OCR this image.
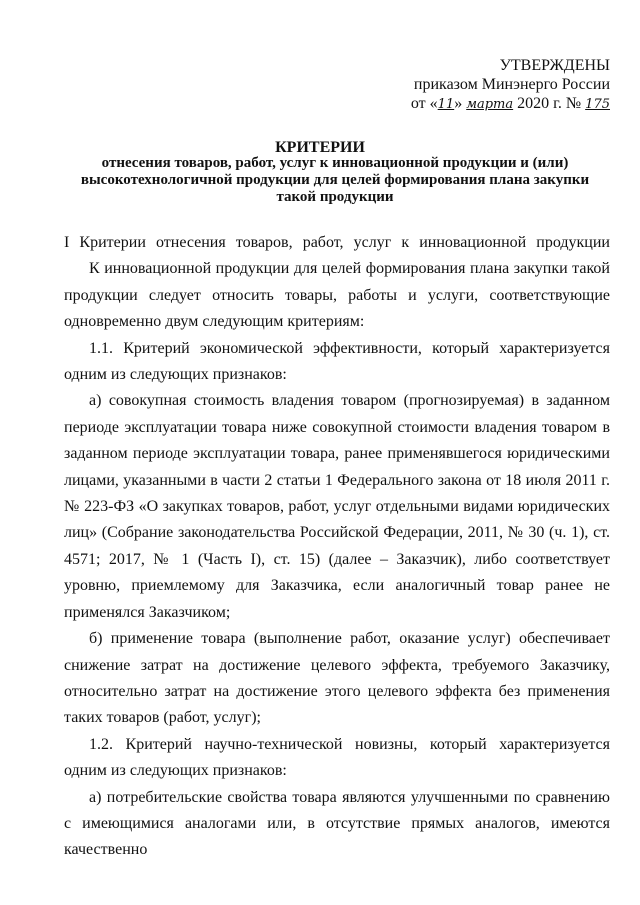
УТВЕРЖДЕНЫ
приказом Минэнерго России
от «11» марта 2020 г. № 175
КРИТЕРИИ
отнесения товаров, работ, услуг к инновационной продукции и (или) высокотехнологичной продукции для целей формирования плана закупки такой продукции

I Критерии отнесения товаров, работ, услуг к инновационной продукции

К инновационной продукции для целей формирования плана закупки такой продукции следует относить товары, работы и услуги, соответствующие одновременно двум следующим критериям:

1.1. Критерий экономической эффективности, который характеризуется одним из следующих признаков:

а) совокупная стоимость владения товаром (прогнозируемая) в заданном периоде эксплуатации товара ниже совокупной стоимости владения товаром в заданном периоде эксплуатации товара, ранее применявшегося юридическими лицами, указанными в части 2 статьи 1 Федерального закона от 18 июля 2011 г. № 223-ФЗ «О закупках товаров, работ, услуг отдельными видами юридических лиц» (Собрание законодательства Российской Федерации, 2011, № 30 (ч. 1), ст. 4571; 2017, № 1 (Часть I), ст. 15) (далее – Заказчик), либо соответствует уровню, приемлемому для Заказчика, если аналогичный товар ранее не применялся Заказчиком;

б) применение товара (выполнение работ, оказание услуг) обеспечивает снижение затрат на достижение целевого эффекта, требуемого Заказчику, относительно затрат на достижение этого целевого эффекта без применения таких товаров (работ, услуг);

1.2. Критерий научно-технической новизны, который характеризуется одним из следующих признаков:

а) потребительские свойства товара являются улучшенными по сравнению с имеющимися аналогами или, в отсутствие прямых аналогов, имеются качественно
